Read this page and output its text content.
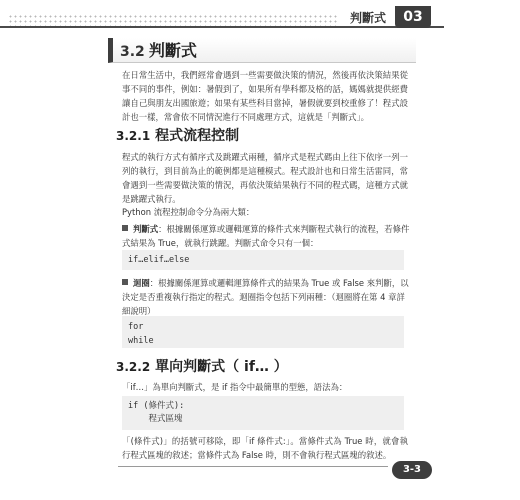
判斷式	03
3.2 判斷式
在日常生活中，我們經常會遇到一些需要做決策的情況，然後再依決策結果從事不同的事件，例如：暑假到了，如果所有學科都及格的話，媽媽就提供經費讓自己與朋友出國旅遊；如果有某些科目當掉，暑假就要到校重修了！程式設計也一樣，常會依不同情況進行不同處理方式，這就是「判斷式」。
3.2.1 程式流程控制
程式的執行方式有循序式及跳躍式兩種，循序式是程式碼由上往下依序一列一列的執行，到目前為止的範例都是這種模式。程式設計也和日常生活雷同，常會遇到一些需要做決策的情況，再依決策結果執行不同的程式碼，這種方式就是跳躍式執行。
Python 流程控制命令分為兩大類：
判斷式：根據關係運算或邏輯運算的條件式來判斷程式執行的流程，若條件式結果為 True，就執行跳躍。判斷式命令只有一個：
if…elif…else
迴圈：根據關係運算或邏輯運算條件式的結果為 True 或 False 來判斷，以決定是否重複執行指定的程式。迴圈指令包括下列兩種：（迴圈將在第 4 章詳細說明）
for
while
3.2.2 單向判斷式（ if… ）
「if…」為單向判斷式，是 if 指令中最簡單的型態，語法為：
if (條件式):
程式區塊
「(條件式)」的括號可移除，即「if 條件式:」。當條件式為 True 時，就會執行程式區塊的敘述；當條件式為 False 時，則不會執行程式區塊的敘述。
3-3
